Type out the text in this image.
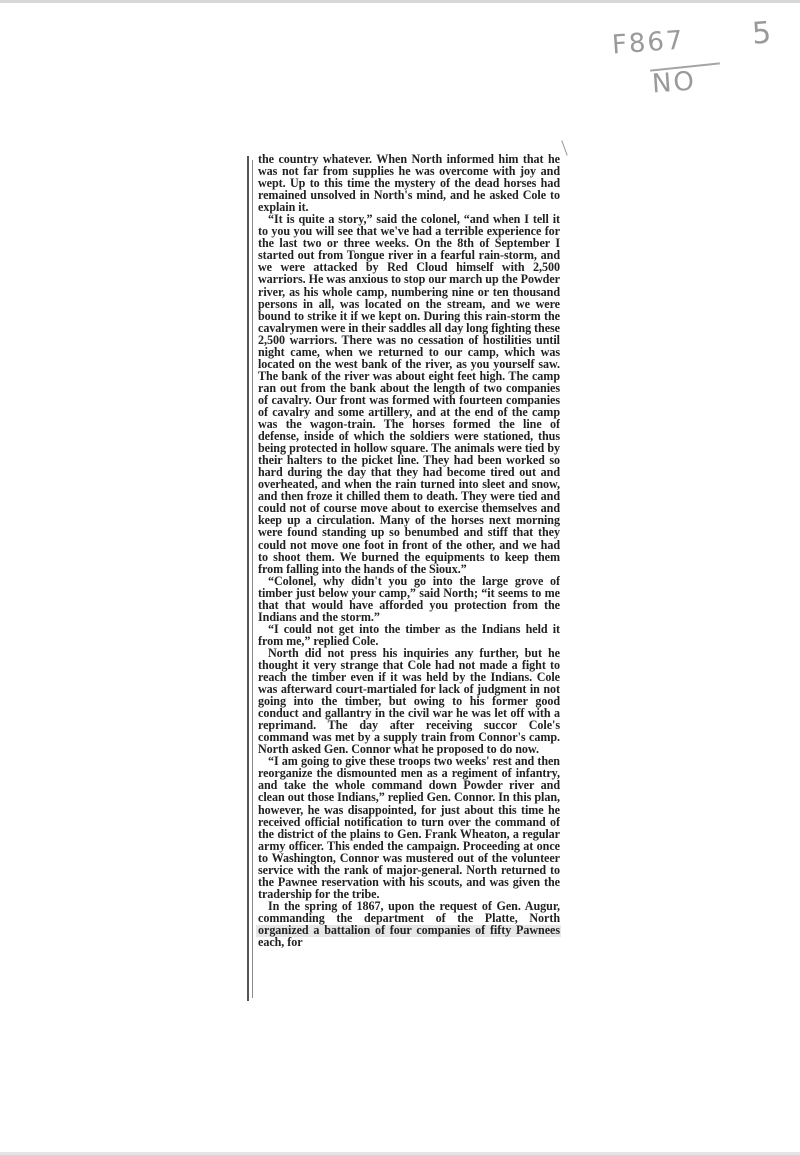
F867 5
NO

the country whatever. When North informed him that he was not far from supplies he was overcome with joy and wept. Up to this time the mystery of the dead horses had remained unsolved in North's mind, and he asked Cole to explain it.

“It is quite a story,” said the colonel, “and when I tell it to you you will see that we've had a terrible experience for the last two or three weeks. On the 8th of September I started out from Tongue river in a fearful rain-storm, and we were attacked by Red Cloud himself with 2,500 warriors. He was anxious to stop our march up the Powder river, as his whole camp, numbering nine or ten thousand persons in all, was located on the stream, and we were bound to strike it if we kept on. During this rain-storm the cavalrymen were in their saddles all day long fighting these 2,500 warriors. There was no cessation of hostilities until night came, when we returned to our camp, which was located on the west bank of the river, as you yourself saw. The bank of the river was about eight feet high. The camp ran out from the bank about the length of two companies of cavalry. Our front was formed with fourteen companies of cavalry and some artillery, and at the end of the camp was the wagon-train. The horses formed the line of defense, inside of which the soldiers were stationed, thus being protected in hollow square. The animals were tied by their halters to the picket line. They had been worked so hard during the day that they had become tired out and overheated, and when the rain turned into sleet and snow, and then froze it chilled them to death. They were tied and could not of course move about to exercise themselves and keep up a circulation. Many of the horses next morning were found standing up so benumbed and stiff that they could not move one foot in front of the other, and we had to shoot them. We burned the equipments to keep them from falling into the hands of the Sioux.”

“Colonel, why didn't you go into the large grove of timber just below your camp,” said North; “it seems to me that that would have afforded you protection from the Indians and the storm.”

“I could not get into the timber as the Indians held it from me,” replied Cole.

North did not press his inquiries any further, but he thought it very strange that Cole had not made a fight to reach the timber even if it was held by the Indians. Cole was afterward court-martialed for lack of judgment in not going into the timber, but owing to his former good conduct and gallantry in the civil war he was let off with a reprimand. The day after receiving succor Cole's command was met by a supply train from Connor's camp. North asked Gen. Connor what he proposed to do now.

“I am going to give these troops two weeks' rest and then reorganize the dismounted men as a regiment of infantry, and take the whole command down Powder river and clean out those Indians,” replied Gen. Connor. In this plan, however, he was disappointed, for just about this time he received official notification to turn over the command of the district of the plains to Gen. Frank Wheaton, a regular army officer. This ended the campaign. Proceeding at once to Washington, Connor was mustered out of the volunteer service with the rank of major-general. North returned to the Pawnee reservation with his scouts, and was given the tradership for the tribe.

In the spring of 1867, upon the request of Gen. Augur, commanding the department of the Platte, North organized a battalion of four companies of fifty Pawnees each, for
